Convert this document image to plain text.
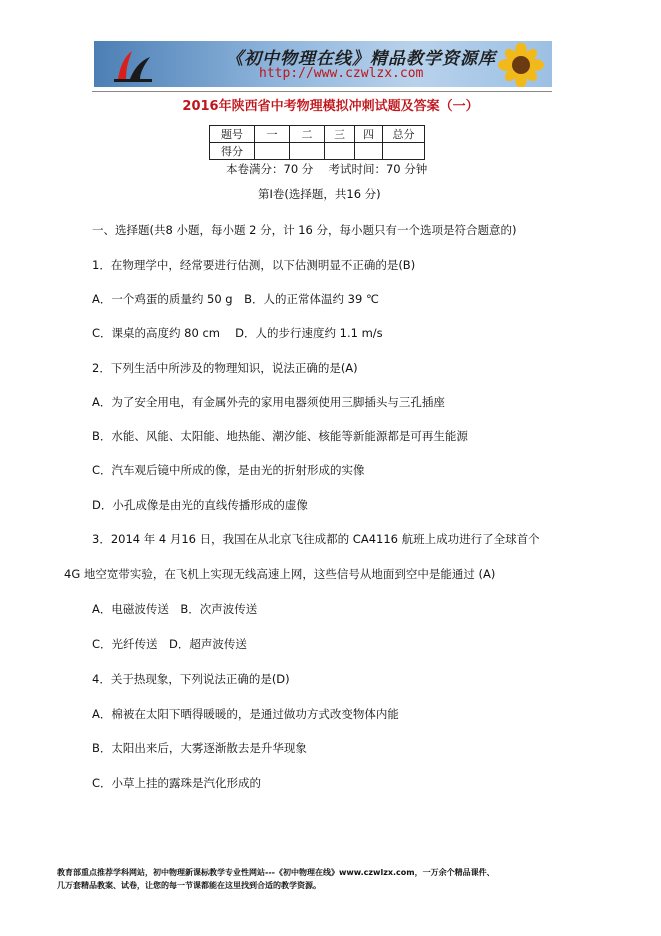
《初中物理在线》精品教学资源库
http://www.czwlzx.com
2016年陕西省中考物理模拟冲刺试题及答案（一）
题号	一	二	三	四	总分
得分					
本卷满分：70 分　 考试时间：70 分钟
第Ⅰ卷(选择题，共16 分)
一、选择题(共8 小题，每小题 2 分，计 16 分，每小题只有一个选项是符合题意的)
1．在物理学中，经常要进行估测，以下估测明显不正确的是(B)
A．一个鸡蛋的质量约 50 g　B．人的正常体温约 39 ℃
C．课桌的高度约 80 cm　 D．人的步行速度约 1.1 m/s
2．下列生活中所涉及的物理知识，说法正确的是(A)
A．为了安全用电，有金属外壳的家用电器须使用三脚插头与三孔插座
B．水能、风能、太阳能、地热能、潮汐能、核能等新能源都是可再生能源
C．汽车观后镜中所成的像，是由光的折射形成的实像
D．小孔成像是由光的直线传播形成的虚像
3．2014 年 4 月16 日，我国在从北京飞往成都的 CA4116 航班上成功进行了全球首个
4G 地空宽带实验，在飞机上实现无线高速上网，这些信号从地面到空中是能通过 (A)
A．电磁波传送　B．次声波传送
C．光纤传送　D．超声波传送
4．关于热现象，下列说法正确的是(D)
A．棉被在太阳下晒得暖暖的，是通过做功方式改变物体内能
B．太阳出来后，大雾逐渐散去是升华现象
C．小草上挂的露珠是汽化形成的
教育部重点推荐学科网站，初中物理新课标教学专业性网站---《初中物理在线》www.czwlzx.com，一万余个精品课件、
几万套精品教案、试卷，让您的每一节课都能在这里找到合适的教学资源。
